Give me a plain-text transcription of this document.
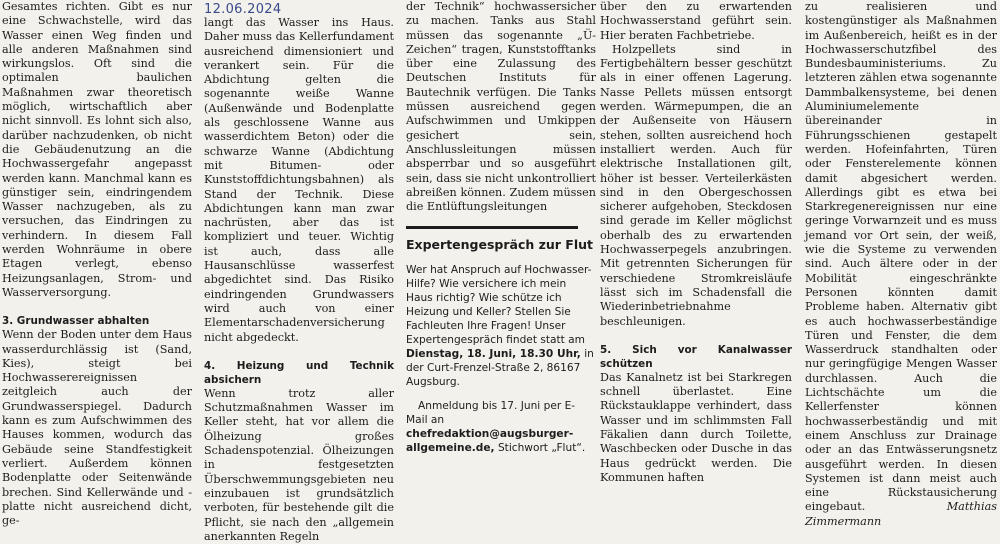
12.06.2024

Gesamtes richten. Gibt es nur eine Schwachstelle, wird das Wasser einen Weg finden und alle anderen Maßnahmen sind wirkungslos. Oft sind die optimalen baulichen Maßnahmen zwar theoretisch möglich, wirtschaftlich aber nicht sinnvoll. Es lohnt sich also, darüber nachzudenken, ob nicht die Gebäudenutzung an die Hochwassergefahr angepasst werden kann. Manchmal kann es günstiger sein, eindringendem Wasser nachzugeben, als zu versuchen, das Eindringen zu verhindern. In diesem Fall werden Wohnräume in obere Etagen verlegt, ebenso Heizungsanlagen, Strom- und Wasserversorgung.

3. Grundwasser abhalten

Wenn der Boden unter dem Haus wasserdurchlässig ist (Sand, Kies), steigt bei Hochwasserereignissen zeitgleich auch der Grundwasserspiegel. Dadurch kann es zum Aufschwimmen des Hauses kommen, wodurch das Gebäude seine Standfestigkeit verliert. Außerdem können Bodenplatte oder Seitenwände brechen. Sind Kellerwände und -platte nicht ausreichend dicht, ge-

langt das Wasser ins Haus. Daher muss das Kellerfundament ausreichend dimensioniert und verankert sein. Für die Abdichtung gelten die sogenannte weiße Wanne (Außenwände und Bodenplatte als geschlossene Wanne aus wasserdichtem Beton) oder die schwarze Wanne (Abdichtung mit Bitumen- oder Kunststoffdichtungsbahnen) als Stand der Technik. Diese Abdichtungen kann man zwar nachrüsten, aber das ist kompliziert und teuer. Wichtig ist auch, dass alle Hausanschlüsse wasserfest abgedichtet sind. Das Risiko eindringenden Grundwassers wird auch von einer Elementarschadenversicherung nicht abgedeckt.

4. Heizung und Technik absichern

Wenn trotz aller Schutzmaßnahmen Wasser im Keller steht, hat vor allem die Ölheizung großes Schadenspotenzial. Ölheizungen in festgesetzten Überschwemmungsgebieten neu einzubauen ist grundsätzlich verboten, für bestehende gilt die Pflicht, sie nach den „allgemein anerkannten Regeln

der Technik“ hochwassersicher zu machen. Tanks aus Stahl müssen das sogenannte „Ü-Zeichen“ tragen, Kunststofftanks über eine Zulassung des Deutschen Instituts für Bautechnik verfügen. Die Tanks müssen ausreichend gegen Aufschwimmen und Umkippen gesichert sein, Anschlussleitungen müssen absperrbar und so ausgeführt sein, dass sie nicht unkontrolliert abreißen können. Zudem müssen die Entlüftungsleitungen

Expertengespräch zur Flut

Wer hat Anspruch auf Hochwasser-Hilfe? Wie versichere ich mein Haus richtig? Wie schütze ich Heizung und Keller? Stellen Sie Fachleuten Ihre Fragen! Unser Expertengespräch findet statt am Dienstag, 18. Juni, 18.30 Uhr, in der Curt-Frenzel-Straße 2, 86167 Augsburg.

Anmeldung bis 17. Juni per E-Mail an chefredaktion@augsburger-allgemeine.de, Stichwort „Flut“.

über den zu erwartenden Hochwasserstand geführt sein. Hier beraten Fachbetriebe.

Holzpellets sind in Fertigbehältern besser geschützt als in einer offenen Lagerung. Nasse Pellets müssen entsorgt werden. Wärmepumpen, die an der Außenseite von Häusern stehen, sollten ausreichend hoch installiert werden. Auch für elektrische Installationen gilt, höher ist besser. Verteilerkästen sind in den Obergeschossen sicherer aufgehoben, Steckdosen sind gerade im Keller möglichst oberhalb des zu erwartenden Hochwasserpegels anzubringen. Mit getrennten Sicherungen für verschiedene Stromkreisläufe lässt sich im Schadensfall die Wiederinbetriebnahme beschleunigen.

5. Sich vor Kanalwasser schützen

Das Kanalnetz ist bei Starkregen schnell überlastet. Eine Rückstauklappe verhindert, dass Wasser und im schlimmsten Fall Fäkalien dann durch Toilette, Waschbecken oder Dusche in das Haus gedrückt werden. Die Kommunen haften

zu realisieren und kostengünstiger als Maßnahmen im Außenbereich, heißt es in der Hochwasserschutzfibel des Bundesbauministeriums. Zu letzteren zählen etwa sogenannte Dammbalkensysteme, bei denen Aluminiumelemente übereinander in Führungsschienen gestapelt werden. Hofeinfahrten, Türen oder Fensterelemente können damit abgesichert werden. Allerdings gibt es etwa bei Starkregenereignissen nur eine geringe Vorwarnzeit und es muss jemand vor Ort sein, der weiß, wie die Systeme zu verwenden sind. Auch ältere oder in der Mobilität eingeschränkte Personen könnten damit Probleme haben. Alternativ gibt es auch hochwasserbeständige Türen und Fenster, die dem Wasserdruck standhalten oder nur geringfügige Mengen Wasser durchlassen. Auch die Lichtschächte um die Kellerfenster können hochwasserbeständig und mit einem Anschluss zur Drainage oder an das Entwässerungsnetz ausgeführt werden. In diesen Systemen ist dann meist auch eine Rückstausicherung eingebaut.	Matthias Zimmermann
